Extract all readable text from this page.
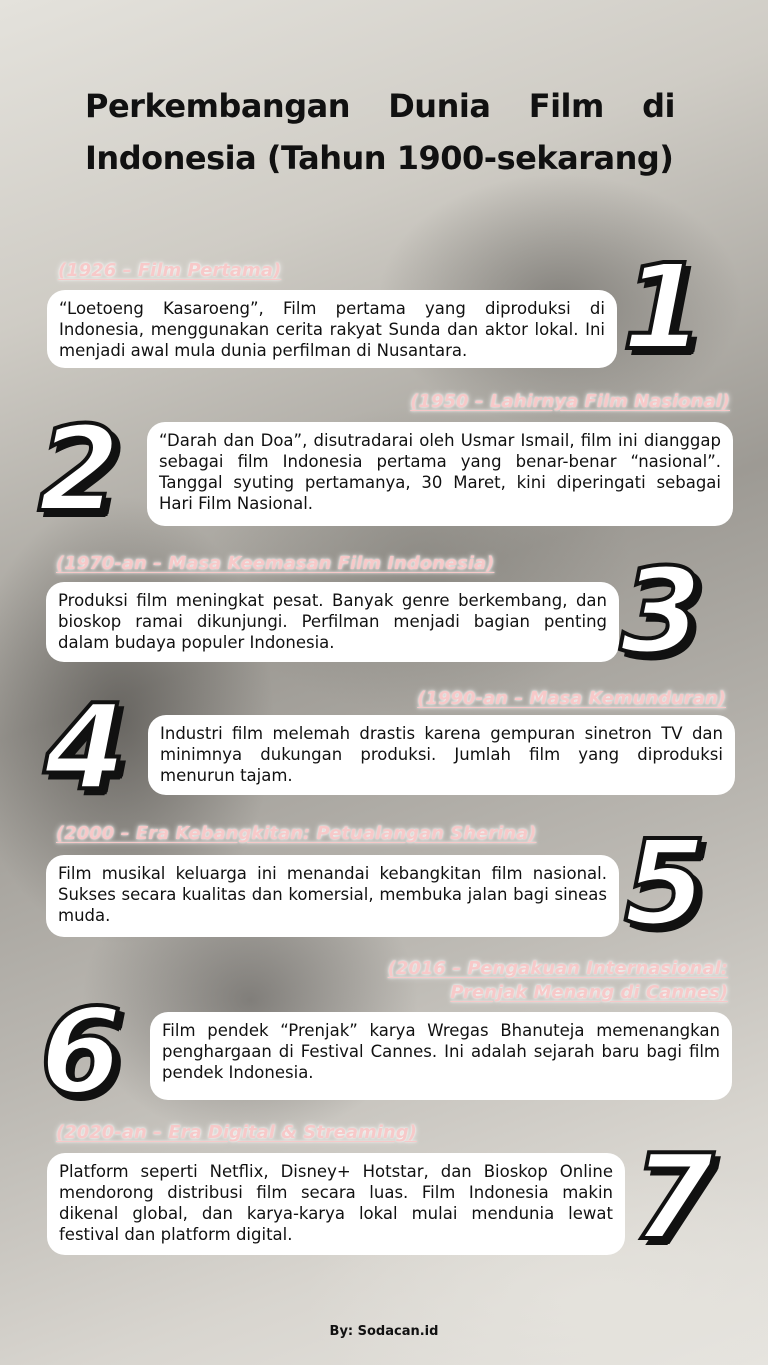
Perkembangan Dunia Film di Indonesia (Tahun 1900-sekarang)
(1926 – Film Pertama)
“Loetoeng Kasaroeng”, Film pertama yang diproduksi di Indonesia, menggunakan cerita rakyat Sunda dan aktor lokal. Ini menjadi awal mula dunia perfilman di Nusantara.	1
(1950 – Lahirnya Film Nasional)
“Darah dan Doa”, disutradarai oleh Usmar Ismail, film ini dianggap sebagai film Indonesia pertama yang benar-benar “nasional”. Tanggal syuting pertamanya, 30 Maret, kini diperingati sebagai Hari Film Nasional.
2
(1970-an – Masa Keemasan Film Indonesia)
Produksi film meningkat pesat. Banyak genre berkembang, dan bioskop ramai dikunjungi. Perfilman menjadi bagian penting dalam budaya populer Indonesia.	3
(1990-an – Masa Kemunduran)
Industri film melemah drastis karena gempuran sinetron TV dan minimnya dukungan produksi. Jumlah film yang diproduksi menurun tajam.
4
(2000 – Era Kebangkitan: Petualangan Sherina)
Film musikal keluarga ini menandai kebangkitan film nasional. Sukses secara kualitas dan komersial, membuka jalan bagi sineas muda.	5
(2016 – Pengakuan Internasional:
Prenjak Menang di Cannes)
Film pendek “Prenjak” karya Wregas Bhanuteja memenangkan penghargaan di Festival Cannes. Ini adalah sejarah baru bagi film pendek Indonesia.
6
(2020-an – Era Digital & Streaming)
Platform seperti Netflix, Disney+ Hotstar, dan Bioskop Online mendorong distribusi film secara luas. Film Indonesia makin dikenal global, dan karya-karya lokal mulai mendunia lewat festival dan platform digital.	7
By: Sodacan.id
